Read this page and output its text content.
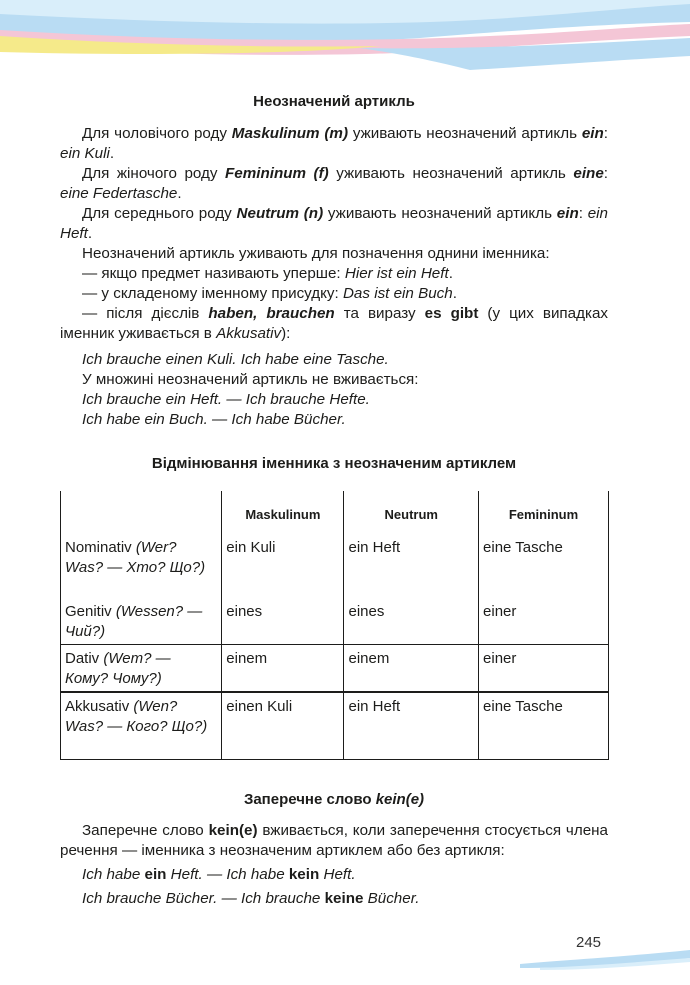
Неозначений артикль

Для чоловічого роду Maskulinum (m) уживають неозначений артикль ein: ein Kuli.

Для жіночого роду Femininum (f) уживають неозначений артикль eine: eine Federtasche.

Для середнього роду Neutrum (n) уживають неозначений артикль ein: ein Heft.

Неозначений артикль уживають для позначення однини іменника:

— якщо предмет називають уперше: Hier ist ein Heft.

— у складеному іменному присудку: Das ist ein Buch.

— після дієслів haben, brauchen та виразу es gibt (у цих випадках іменник уживається в Akkusativ):

Ich brauche einen Kuli. Ich habe eine Tasche.

У множині неозначений артикль не вживається:

Ich brauche ein Heft. — Ich brauche Hefte.

Ich habe ein Buch. — Ich habe Bücher.

Відмінювання іменника з неозначеним артиклем

	Maskulinum	Neutrum	Femininum
Nominativ (Wer? Was? — Хто? Що?)	ein Kuli	ein Heft	eine Tasche
Genitiv (Wessen? — Чий?)	eines	eines	einer
Dativ (Wem? — Кому? Чому?)	einem	einem	einer
Akkusativ (Wen? Was? — Кого? Що?)	einen Kuli	ein Heft	eine Tasche

Заперечне слово kein(e)

Заперечне слово kein(e) вживається, коли заперечення стосується члена речення — іменника з неозначеним артиклем або без артикля:

Ich habe ein Heft. — Ich habe kein Heft.

Ich brauche Bücher. — Ich brauche keine Bücher.

245
